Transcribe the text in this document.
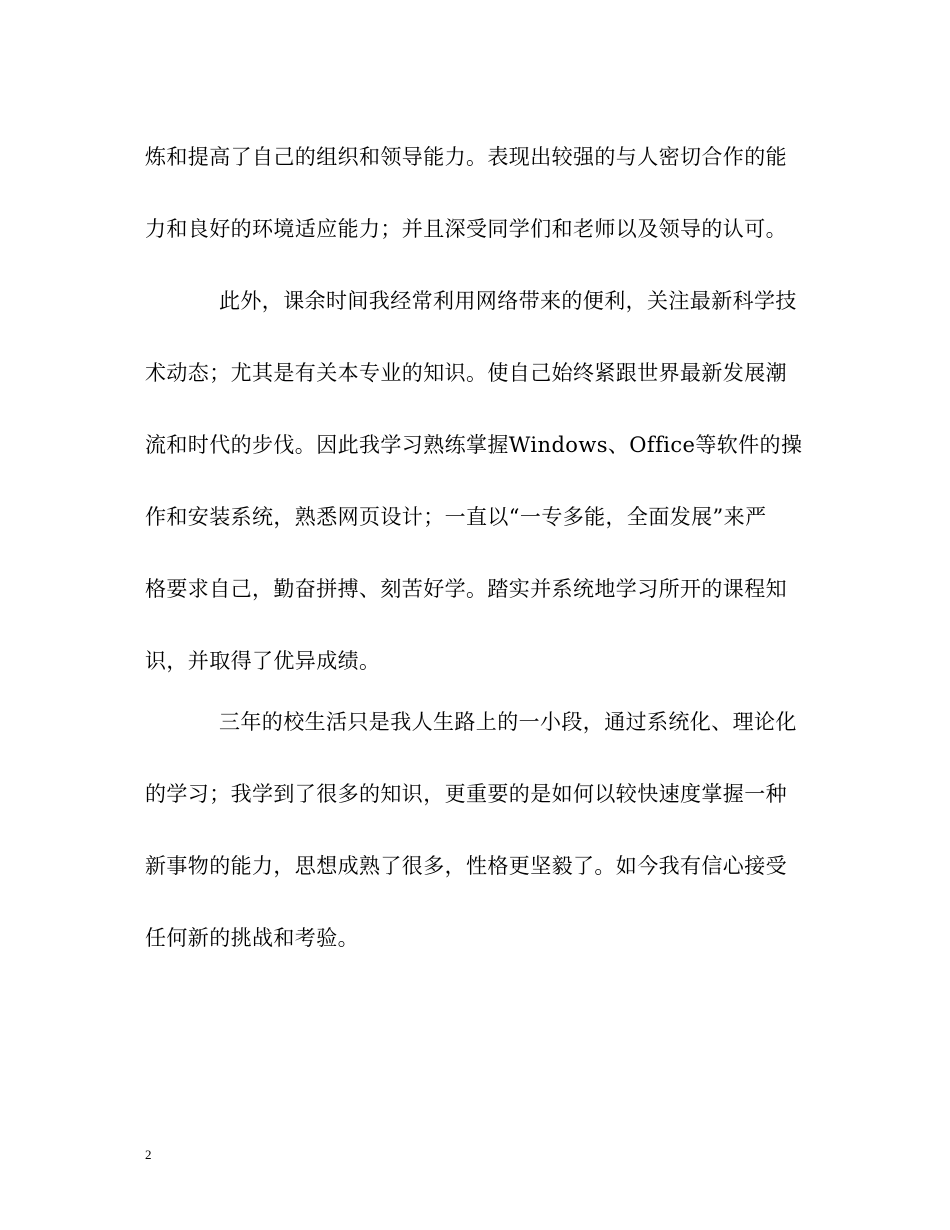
炼和提高了自己的组织和领导能力。表现出较强的与人密切合作的能
力和良好的环境适应能力；并且深受同学们和老师以及领导的认可。
此外，课余时间我经常利用网络带来的便利，关注最新科学技
术动态；尤其是有关本专业的知识。使自己始终紧跟世界最新发展潮
流和时代的步伐。因此我学习熟练掌握Windows、Office等软件的操
作和安装系统，熟悉网页设计；一直以“一专多能，全面发展”来严
格要求自己，勤奋拼搏、刻苦好学。踏实并系统地学习所开的课程知
识，并取得了优异成绩。
三年的校生活只是我人生路上的一小段，通过系统化、理论化
的学习；我学到了很多的知识，更重要的是如何以较快速度掌握一种
新事物的能力，思想成熟了很多，性格更坚毅了。如今我有信心接受
任何新的挑战和考验。
2
